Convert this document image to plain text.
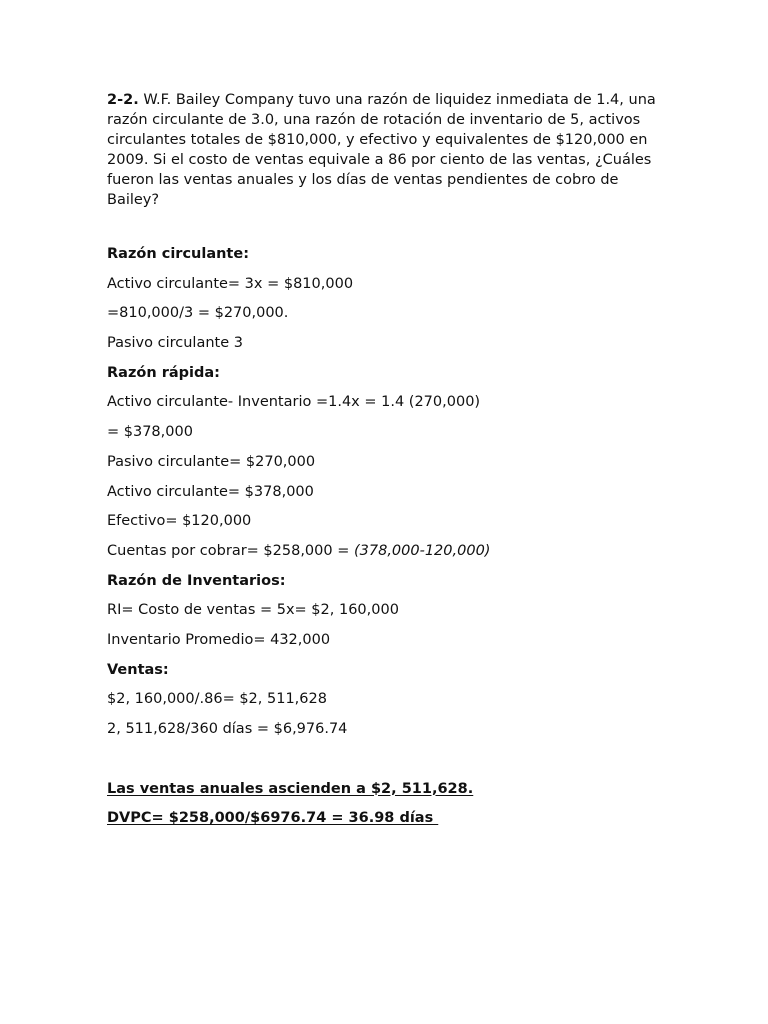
2-2. W.F. Bailey Company tuvo una razón de liquidez inmediata de 1.4, una razón circulante de 3.0, una razón de rotación de inventario de 5, activos circulantes totales de $810,000, y efectivo y equivalentes de $120,000 en 2009. Si el costo de ventas equivale a 86 por ciento de las ventas, ¿Cuáles fueron las ventas anuales y los días de ventas pendientes de cobro de Bailey?

Razón circulante:
Activo circulante= 3x = $810,000
=810,000/3 = $270,000.
Pasivo circulante 3
Razón rápida:
Activo circulante- Inventario =1.4x = 1.4 (270,000)
= $378,000
Pasivo circulante= $270,000
Activo circulante= $378,000
Efectivo= $120,000
Cuentas por cobrar= $258,000 = (378,000-120,000)
Razón de Inventarios:
RI= Costo de ventas = 5x= $2, 160,000
Inventario Promedio= 432,000
Ventas:
$2, 160,000/.86= $2, 511,628
2, 511,628/360 días = $6,976.74
Las ventas anuales ascienden a $2, 511,628.
DVPC= $258,000/$6976.74 = 36.98 días
